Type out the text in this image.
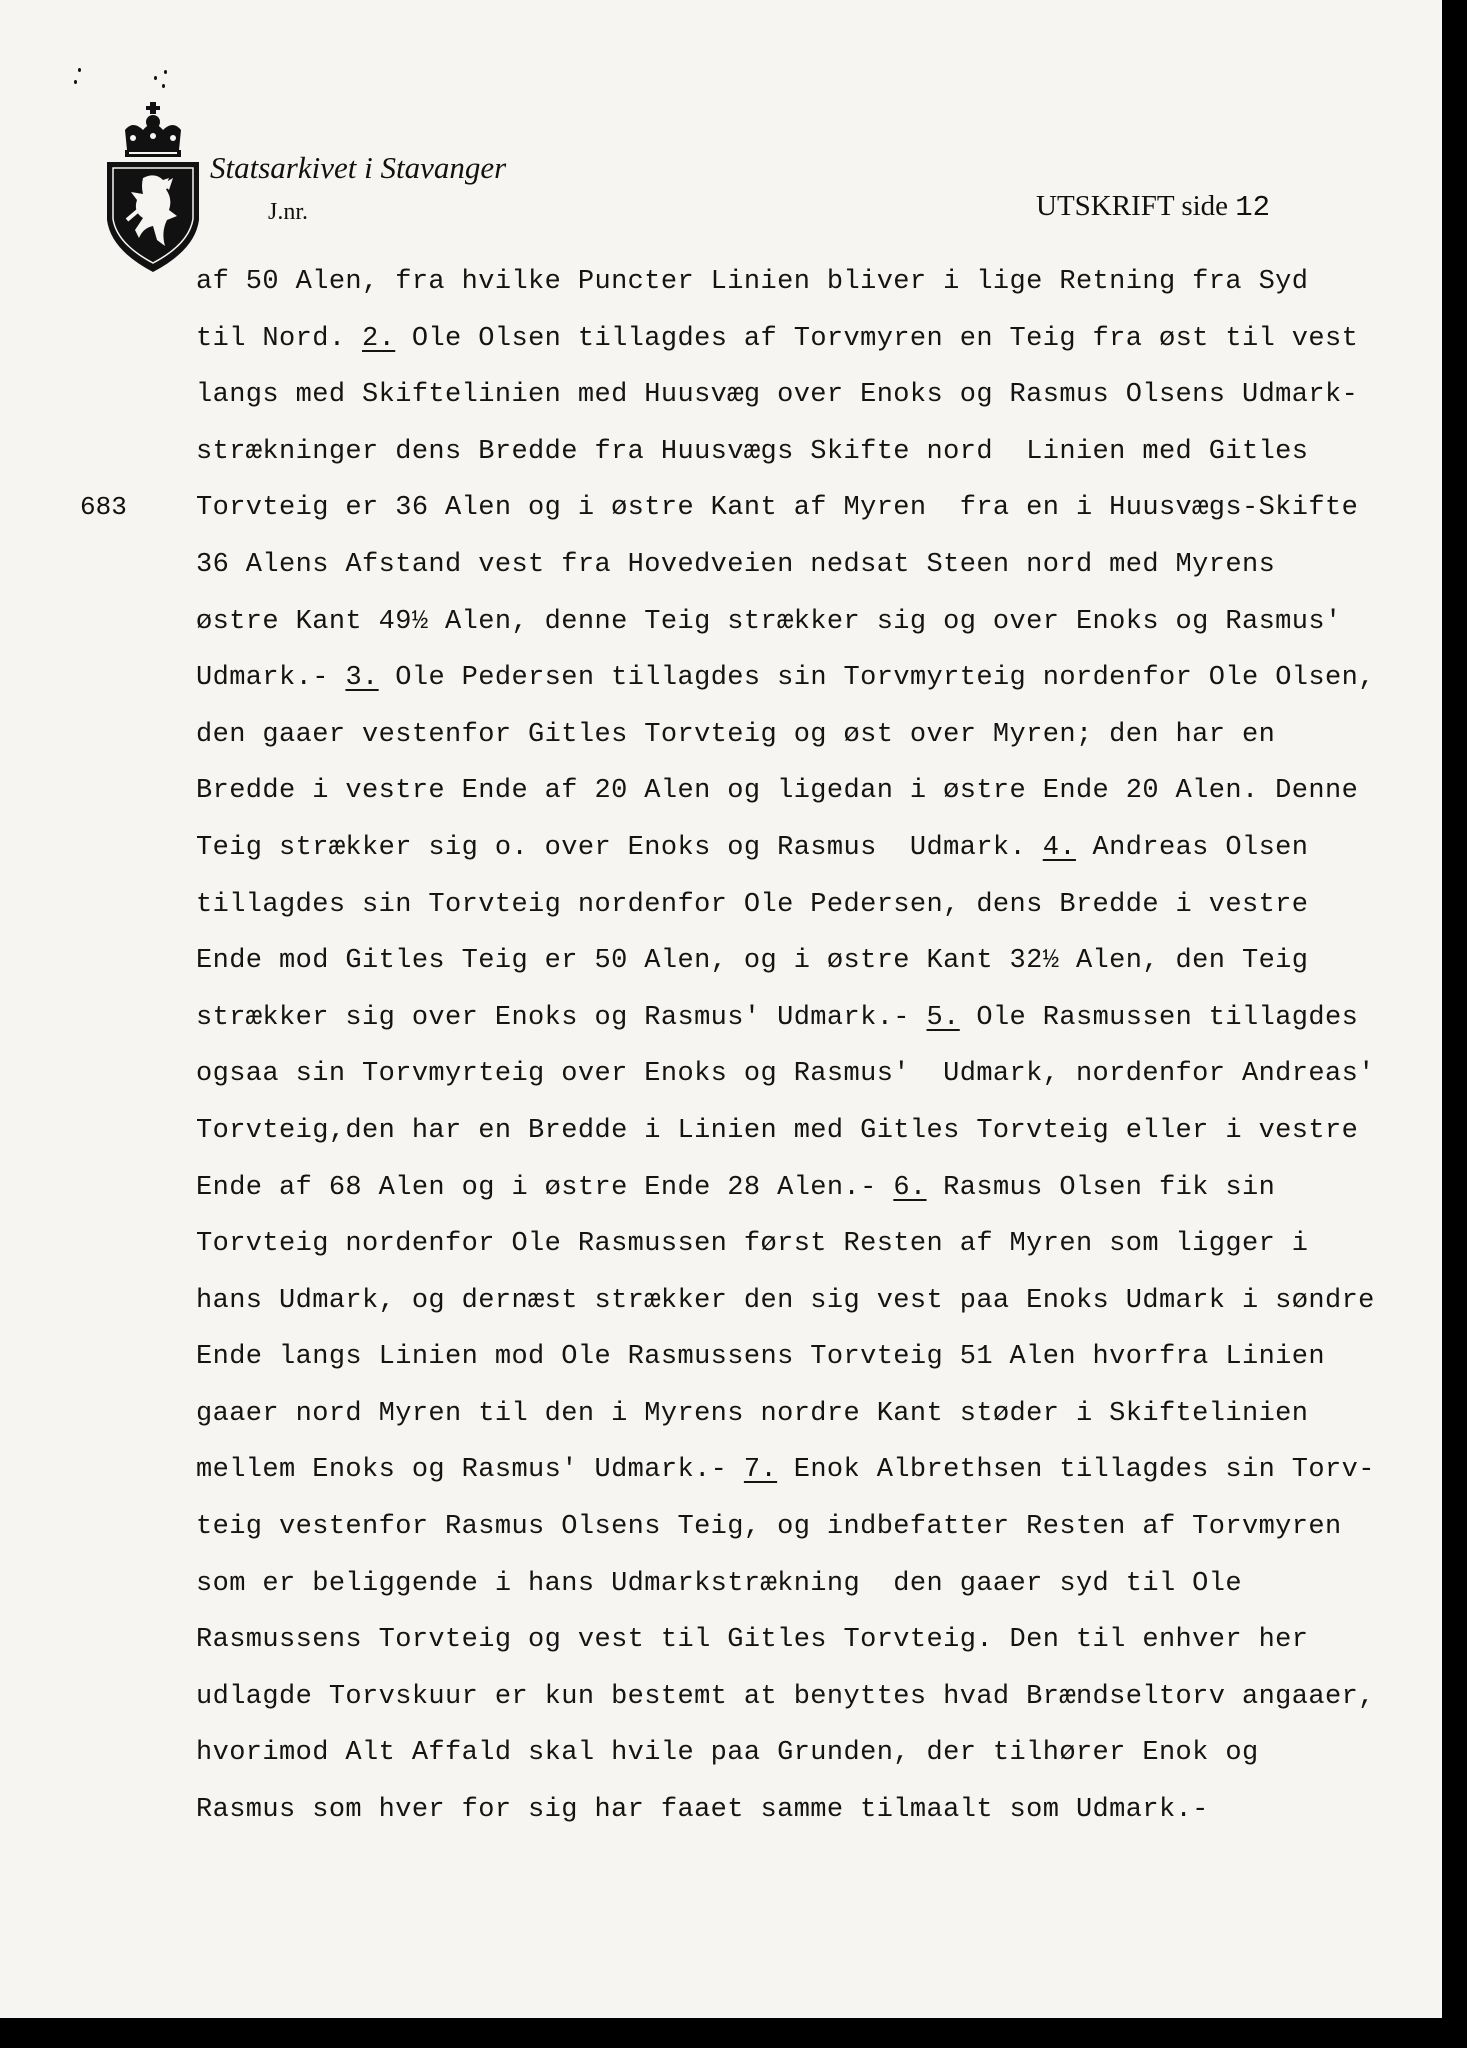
Statsarkivet i Stavanger
J.nr.	UTSKRIFT side 12
683
af 50 Alen, fra hvilke Puncter Linien bliver i lige Retning fra Syd
til Nord. 2. Ole Olsen tillagdes af Torvmyren en Teig fra øst til vest
langs med Skiftelinien med Huusvæg over Enoks og Rasmus Olsens Udmark-
strækninger dens Bredde fra Huusvægs Skifte nord  Linien med Gitles
Torvteig er 36 Alen og i østre Kant af Myren  fra en i Huusvægs-Skifte
36 Alens Afstand vest fra Hovedveien nedsat Steen nord med Myrens
østre Kant 49½ Alen, denne Teig strækker sig og over Enoks og Rasmus'
Udmark.- 3. Ole Pedersen tillagdes sin Torvmyrteig nordenfor Ole Olsen,
den gaaer vestenfor Gitles Torvteig og øst over Myren; den har en
Bredde i vestre Ende af 20 Alen og ligedan i østre Ende 20 Alen. Denne
Teig strækker sig o. over Enoks og Rasmus  Udmark. 4. Andreas Olsen
tillagdes sin Torvteig nordenfor Ole Pedersen, dens Bredde i vestre
Ende mod Gitles Teig er 50 Alen, og i østre Kant 32½ Alen, den Teig
strækker sig over Enoks og Rasmus' Udmark.- 5. Ole Rasmussen tillagdes
ogsaa sin Torvmyrteig over Enoks og Rasmus'  Udmark, nordenfor Andreas'
Torvteig,den har en Bredde i Linien med Gitles Torvteig eller i vestre
Ende af 68 Alen og i østre Ende 28 Alen.- 6. Rasmus Olsen fik sin
Torvteig nordenfor Ole Rasmussen først Resten af Myren som ligger i
hans Udmark, og dernæst strækker den sig vest paa Enoks Udmark i søndre
Ende langs Linien mod Ole Rasmussens Torvteig 51 Alen hvorfra Linien
gaaer nord Myren til den i Myrens nordre Kant støder i Skiftelinien
mellem Enoks og Rasmus' Udmark.- 7. Enok Albrethsen tillagdes sin Torv-
teig vestenfor Rasmus Olsens Teig, og indbefatter Resten af Torvmyren
som er beliggende i hans Udmarkstrækning  den gaaer syd til Ole
Rasmussens Torvteig og vest til Gitles Torvteig. Den til enhver her
udlagde Torvskuur er kun bestemt at benyttes hvad Brændseltorv angaaer,
hvorimod Alt Affald skal hvile paa Grunden, der tilhører Enok og
Rasmus som hver for sig har faaet samme tilmaalt som Udmark.-
